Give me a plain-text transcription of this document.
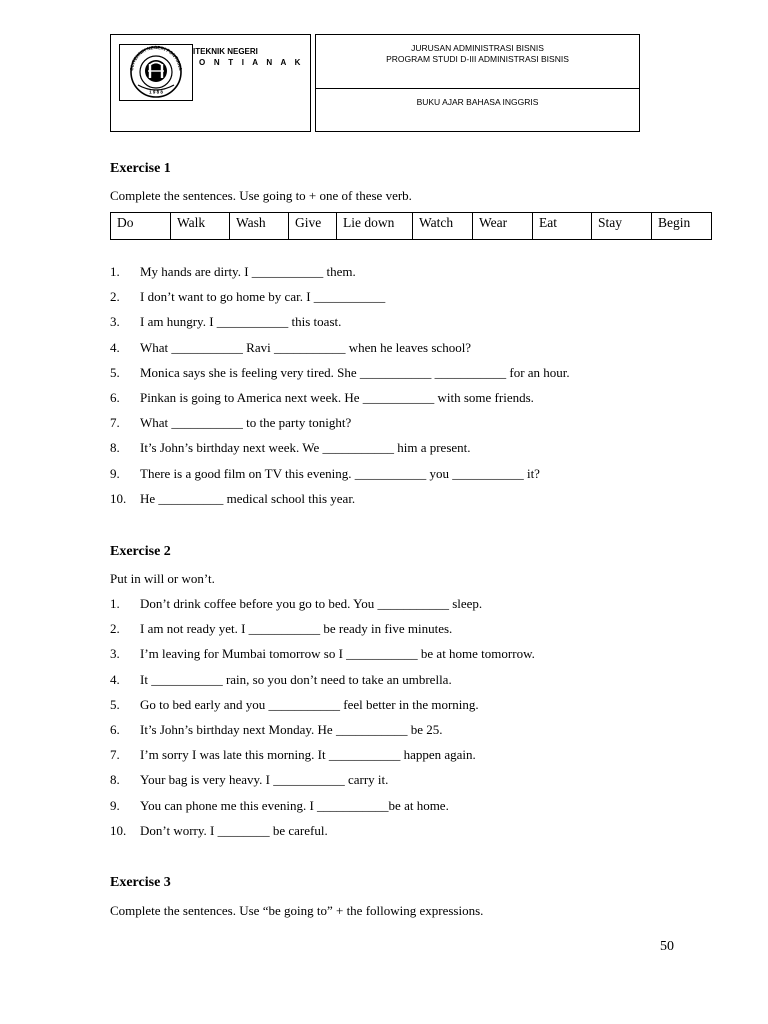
OLITEKNIK NEGERI PONTIANA
1 9 8 8
ITEKNIK NEGERI
O N T I A N A K
JURUSAN ADMINISTRASI BISNIS
PROGRAM STUDI D-III ADMINISTRASI BISNIS
BUKU AJAR BAHASA INGGRIS
Exercise 1
Complete the sentences. Use going to + one of these verb.
Do	Walk	Wash	Give	Lie down	Watch	Wear	Eat	Stay	Begin
1. My hands are dirty. I ___________ them.
2. I don’t want to go home by car. I ___________
3. I am hungry. I ___________ this toast.
4. What ___________ Ravi ___________ when he leaves school?
5. Monica says she is feeling very tired. She ___________ ___________ for an hour.
6. Pinkan is going to America next week. He ___________ with some friends.
7. What ___________ to the party tonight?
8. It’s John’s birthday next week. We ___________ him a present.
9. There is a good film on TV this evening. ___________ you ___________ it?
10. He __________ medical school this year.
Exercise 2
Put in will or won’t.
1. Don’t drink coffee before you go to bed. You ___________ sleep.
2. I am not ready yet. I ___________ be ready in five minutes.
3. I’m leaving for Mumbai tomorrow so I ___________ be at home tomorrow.
4. It ___________ rain, so you don’t need to take an umbrella.
5. Go to bed early and you ___________ feel better in the morning.
6. It’s John’s birthday next Monday. He ___________ be 25.
7. I’m sorry I was late this morning. It ___________ happen again.
8. Your bag is very heavy. I ___________ carry it.
9. You can phone me this evening. I ___________be at home.
10. Don’t worry. I ________ be careful.
Exercise 3
Complete the sentences. Use “be going to” + the following expressions.
50
